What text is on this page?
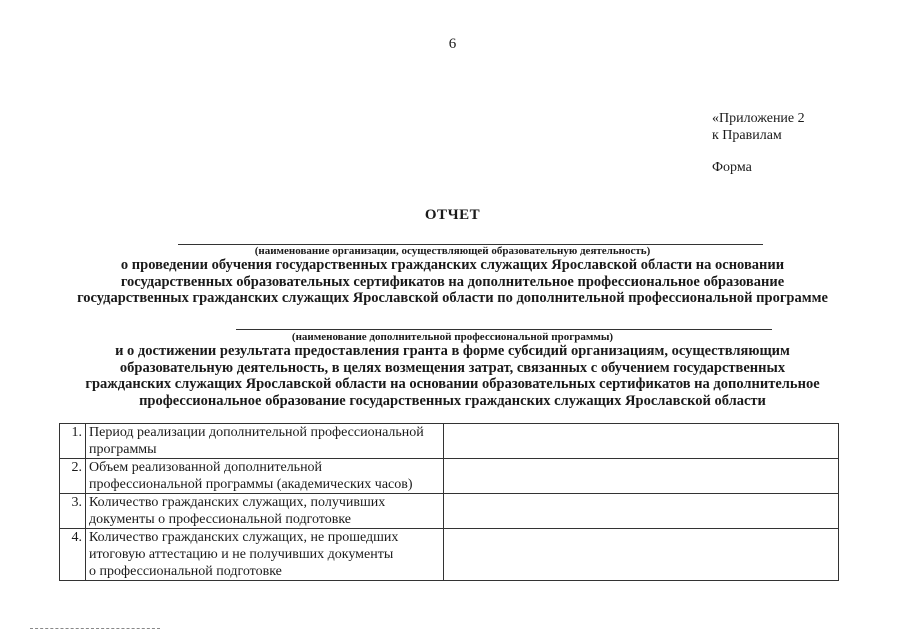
6
«Приложение 2
к Правилам
Форма
ОТЧЕТ
(наименование организации, осуществляющей образовательную деятельность)
о проведении обучения государственных гражданских служащих Ярославской области на основании
государственных образовательных сертификатов на дополнительное профессиональное образование
государственных гражданских служащих Ярославской области по дополнительной профессиональной программе
(наименование дополнительной профессиональной программы)
и о достижении результата предоставления гранта в форме субсидий организациям, осуществляющим
образовательную деятельность, в целях возмещения затрат, связанных с обучением государственных
гражданских служащих Ярославской области на основании образовательных сертификатов на дополнительное
профессиональное образование государственных гражданских служащих Ярославской области
1.	Период реализации дополнительной профессиональной
программы	

2.	Объем реализованной дополнительной
профессиональной программы (академических часов)	

3.	Количество гражданских служащих, получивших
документы о профессиональной подготовке	

4.	Количество гражданских служащих, не прошедших
итоговую аттестацию и не получивших документы
о профессиональной подготовке	
